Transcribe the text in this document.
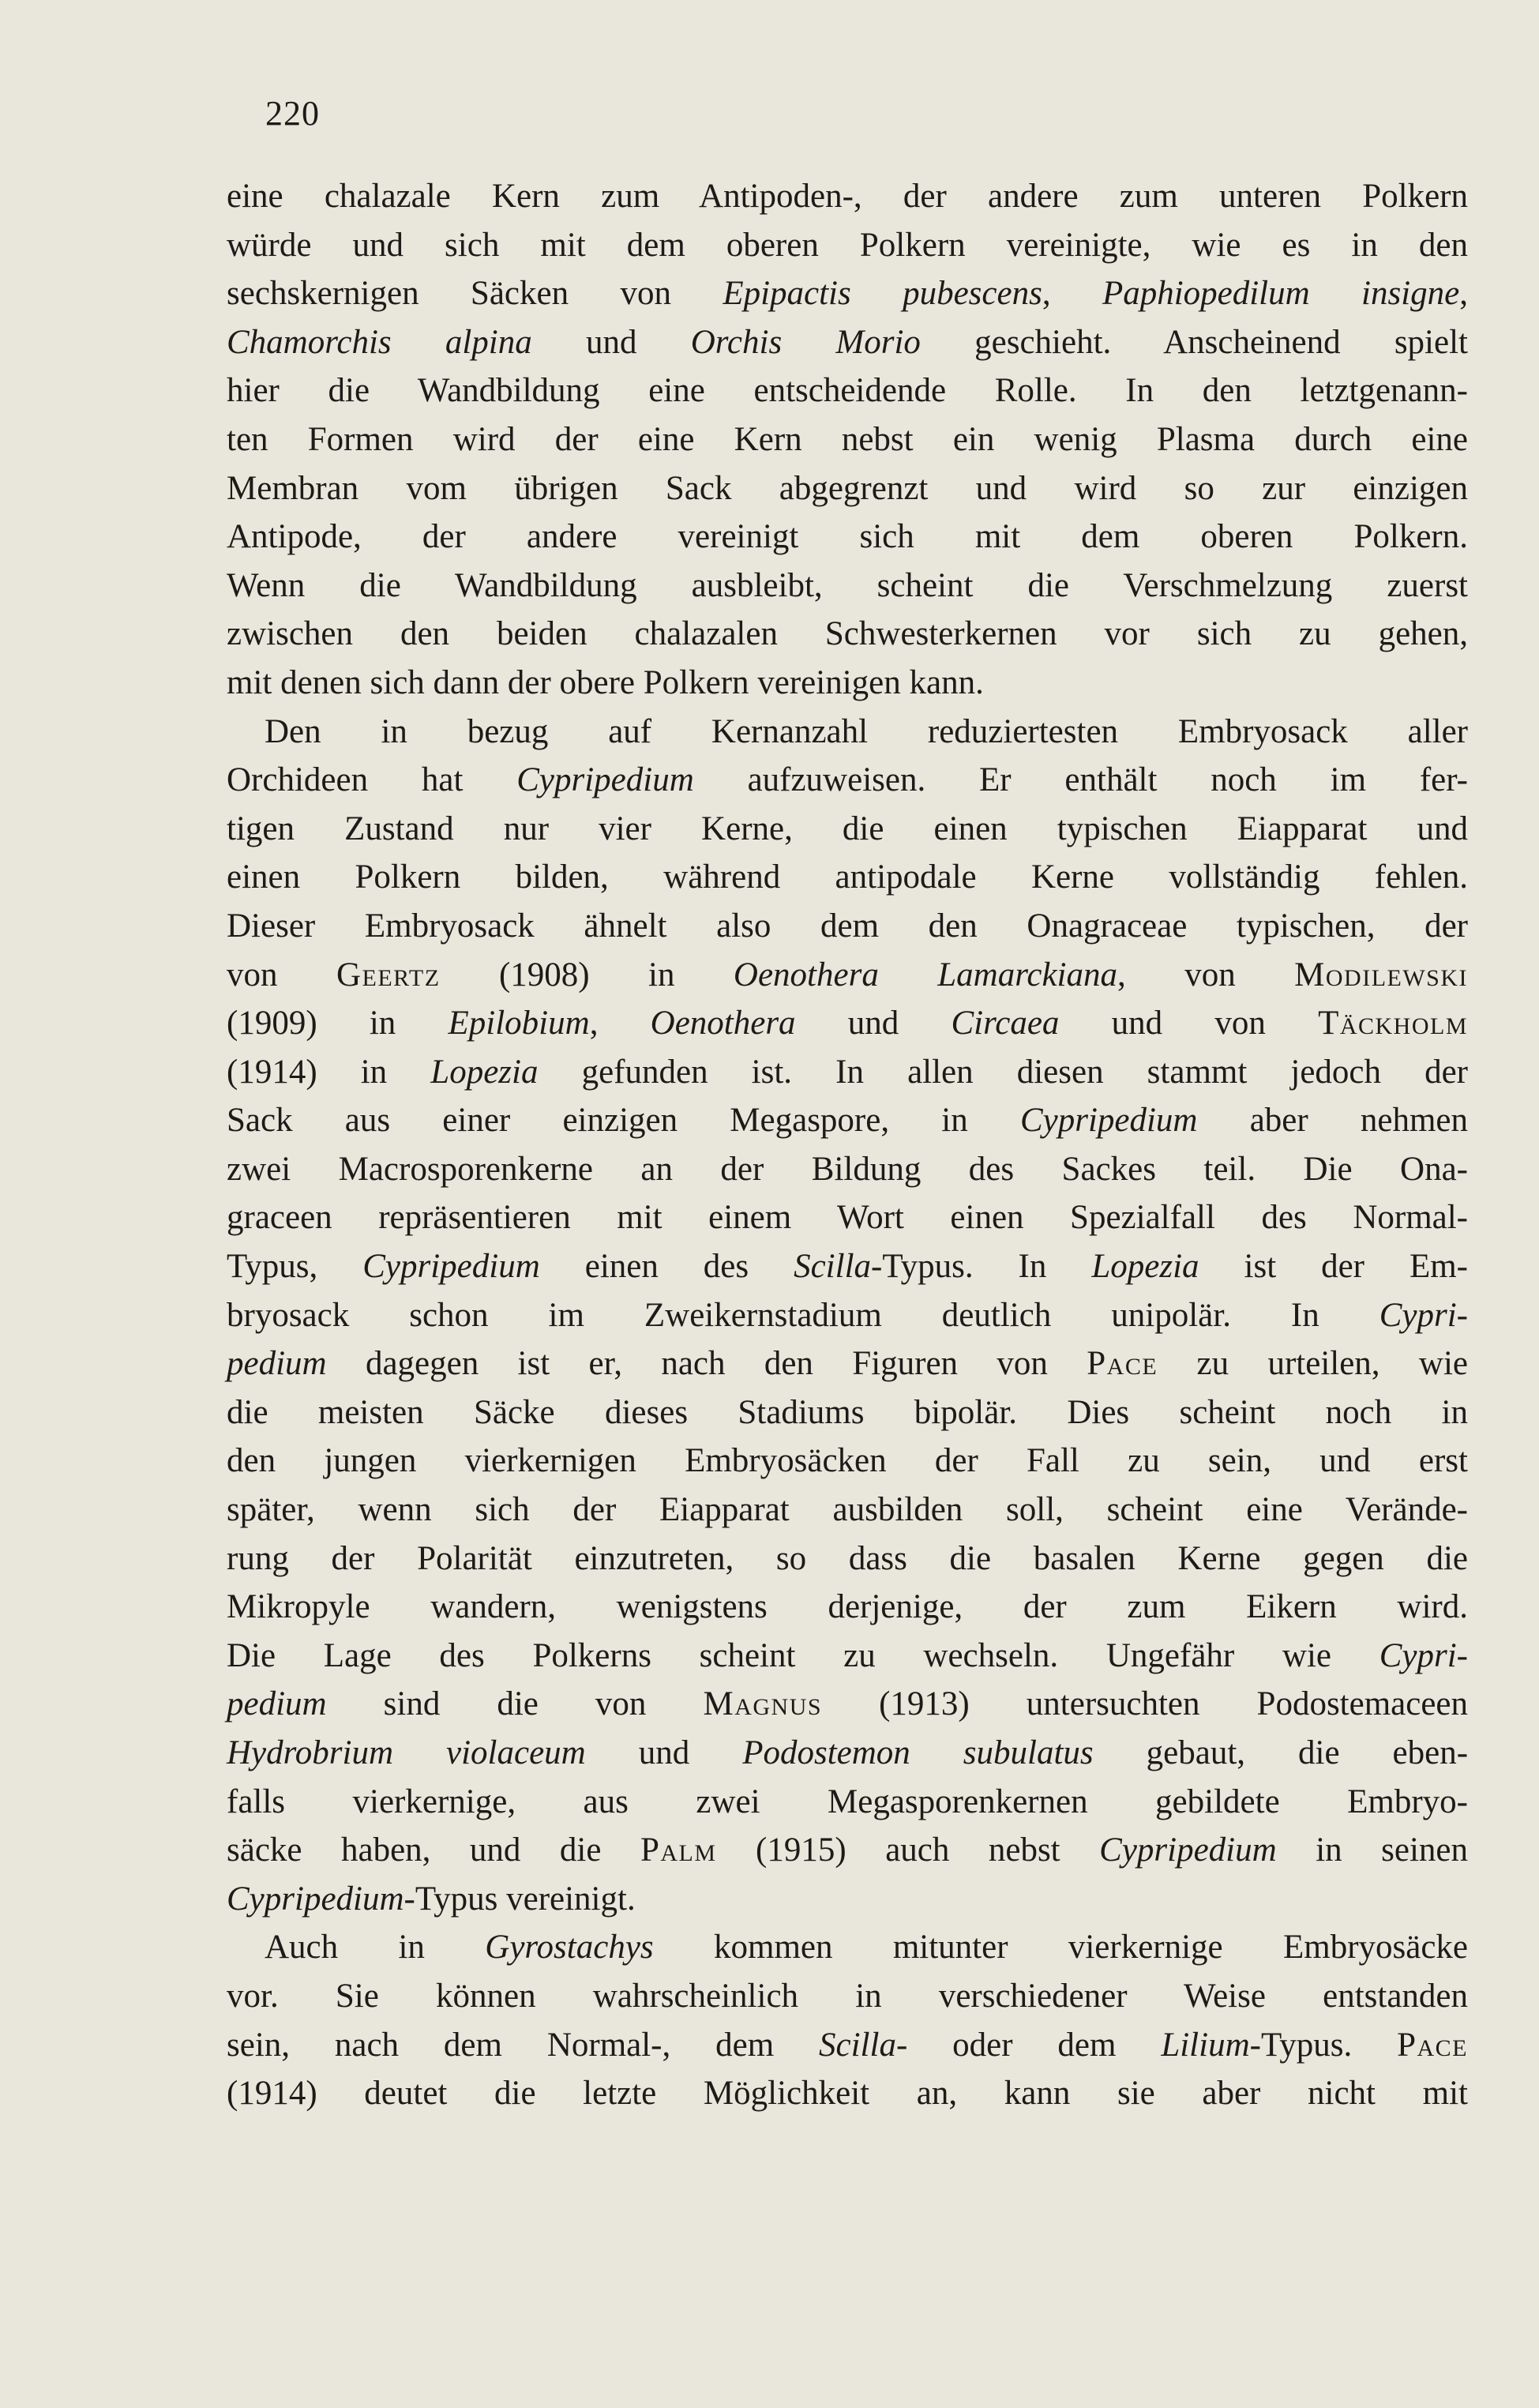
220
eine chalazale Kern zum Antipoden-, der andere zum unteren Polkern
würde und sich mit dem oberen Polkern vereinigte, wie es in den
sechskernigen Säcken von Epipactis pubescens, Paphiopedilum insigne,
Chamorchis alpina und Orchis Morio geschieht. Anscheinend spielt
hier die Wandbildung eine entscheidende Rolle. In den letztgenann-
ten Formen wird der eine Kern nebst ein wenig Plasma durch eine
Membran vom übrigen Sack abgegrenzt und wird so zur einzigen
Antipode, der andere vereinigt sich mit dem oberen Polkern.
Wenn die Wandbildung ausbleibt, scheint die Verschmelzung zuerst
zwischen den beiden chalazalen Schwesterkernen vor sich zu gehen,
mit denen sich dann der obere Polkern vereinigen kann.
Den in bezug auf Kernanzahl reduziertesten Embryosack aller
Orchideen hat Cypripedium aufzuweisen. Er enthält noch im fer-
tigen Zustand nur vier Kerne, die einen typischen Eiapparat und
einen Polkern bilden, während antipodale Kerne vollständig fehlen.
Dieser Embryosack ähnelt also dem den Onagraceae typischen, der
von Geertz (1908) in Oenothera Lamarckiana, von Modilewski
(1909) in Epilobium, Oenothera und Circaea und von Täckholm
(1914) in Lopezia gefunden ist. In allen diesen stammt jedoch der
Sack aus einer einzigen Megaspore, in Cypripedium aber nehmen
zwei Macrosporenkerne an der Bildung des Sackes teil. Die Ona-
graceen repräsentieren mit einem Wort einen Spezialfall des Normal-
Typus, Cypripedium einen des Scilla-Typus. In Lopezia ist der Em-
bryosack schon im Zweikernstadium deutlich unipolär. In Cypri-
pedium dagegen ist er, nach den Figuren von Pace zu urteilen, wie
die meisten Säcke dieses Stadiums bipolär. Dies scheint noch in
den jungen vierkernigen Embryosäcken der Fall zu sein, und erst
später, wenn sich der Eiapparat ausbilden soll, scheint eine Verände-
rung der Polarität einzutreten, so dass die basalen Kerne gegen die
Mikropyle wandern, wenigstens derjenige, der zum Eikern wird.
Die Lage des Polkerns scheint zu wechseln. Ungefähr wie Cypri-
pedium sind die von Magnus (1913) untersuchten Podostemaceen
Hydrobrium violaceum und Podostemon subulatus gebaut, die eben-
falls vierkernige, aus zwei Megasporenkernen gebildete Embryo-
säcke haben, und die Palm (1915) auch nebst Cypripedium in seinen
Cypripedium-Typus vereinigt.
Auch in Gyrostachys kommen mitunter vierkernige Embryosäcke
vor. Sie können wahrscheinlich in verschiedener Weise entstanden
sein, nach dem Normal-, dem Scilla- oder dem Lilium-Typus. Pace
(1914) deutet die letzte Möglichkeit an, kann sie aber nicht mit
